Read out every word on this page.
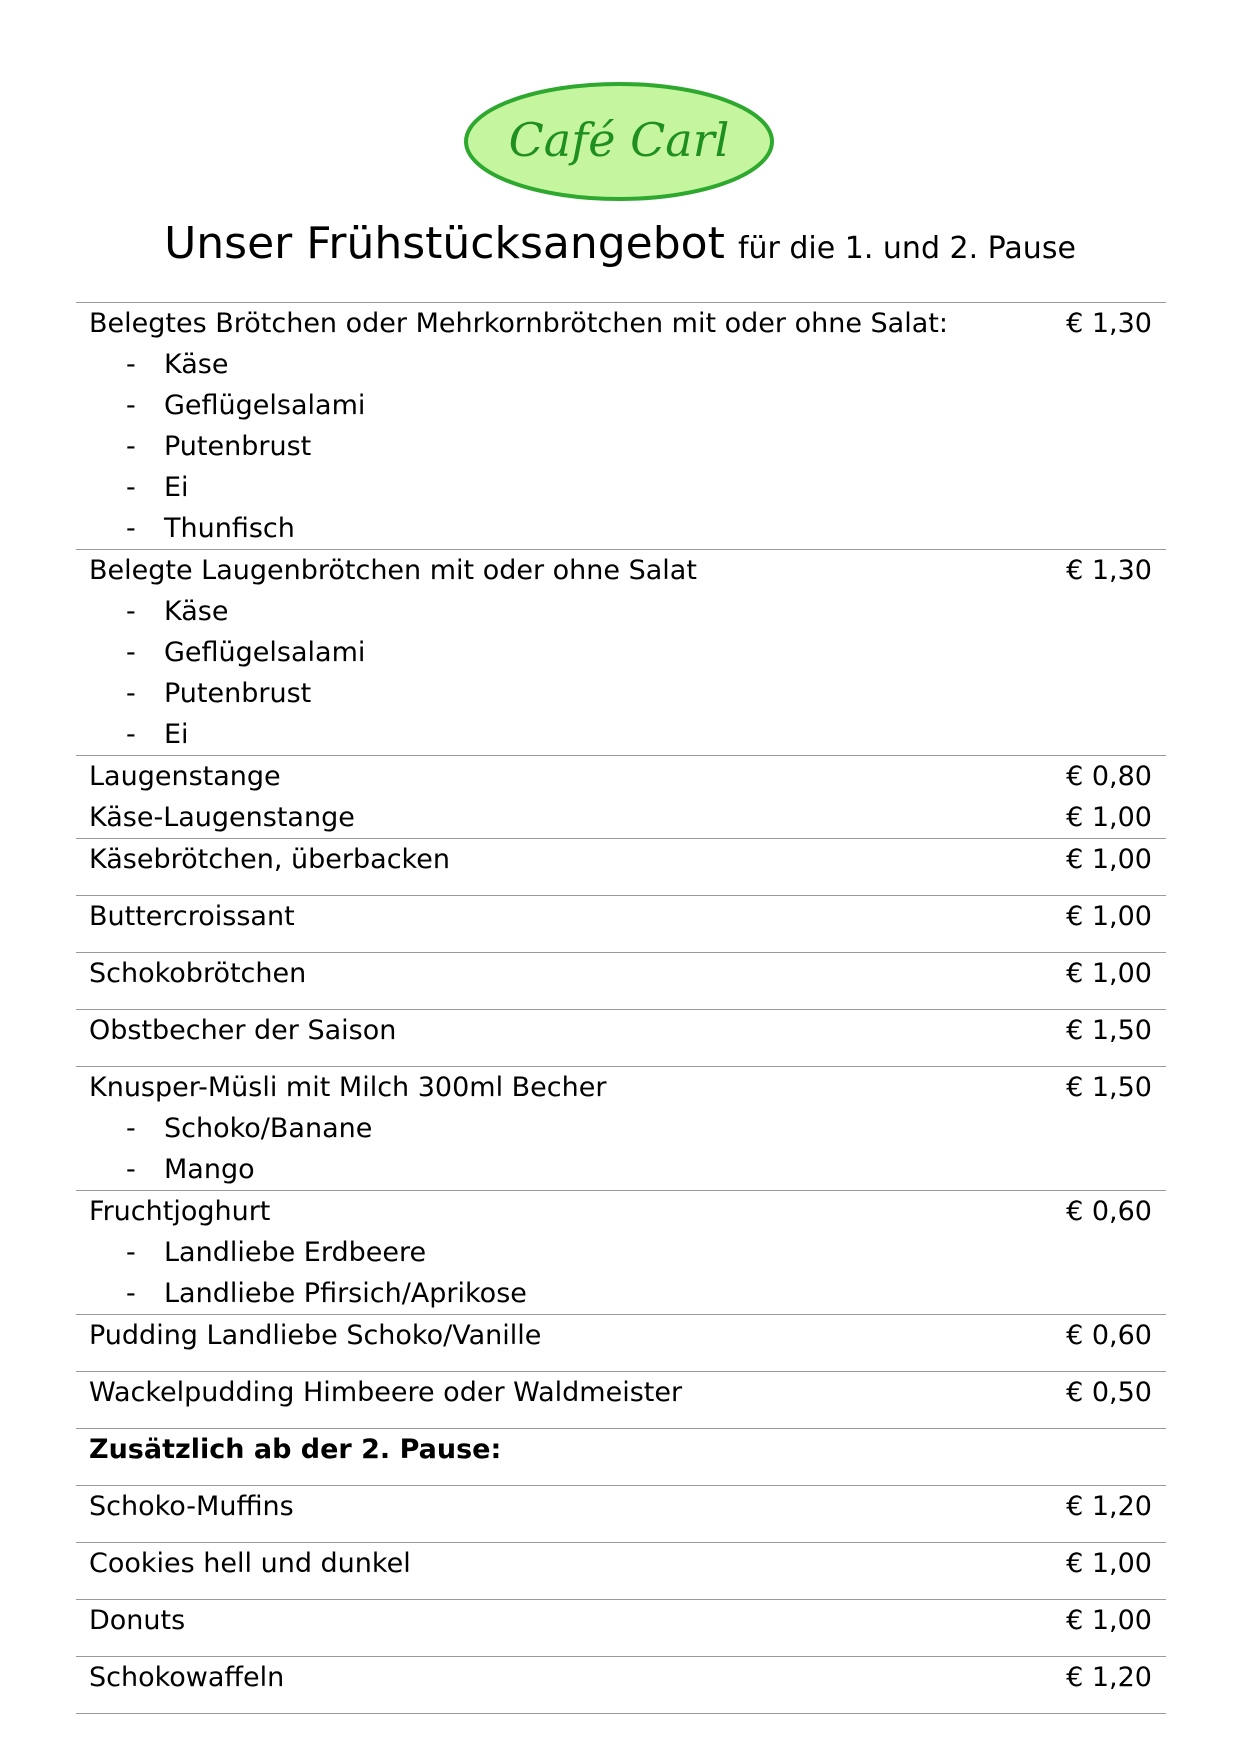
Café Carl
Unser Frühstücksangebot für die 1. und 2. Pause
Belegtes Brötchen oder Mehrkornbrötchen mit oder ohne Salat:	€ 1,30
-	Käse
-	Geflügelsalami
-	Putenbrust
-	Ei
-	Thunfisch
Belegte Laugenbrötchen mit oder ohne Salat	€ 1,30
-	Käse
-	Geflügelsalami
-	Putenbrust
-	Ei
Laugenstange	€ 0,80
Käse-Laugenstange	€ 1,00
Käsebrötchen, überbacken	€ 1,00
Buttercroissant	€ 1,00
Schokobrötchen	€ 1,00
Obstbecher der Saison	€ 1,50
Knusper-Müsli mit Milch 300ml Becher	€ 1,50
-	Schoko/Banane
-	Mango
Fruchtjoghurt	€ 0,60
-	Landliebe Erdbeere
-	Landliebe Pfirsich/Aprikose
Pudding Landliebe Schoko/Vanille	€ 0,60
Wackelpudding Himbeere oder Waldmeister	€ 0,50
Zusätzlich ab der 2. Pause:
Schoko-Muffins	€ 1,20
Cookies hell und dunkel	€ 1,00
Donuts	€ 1,00
Schokowaffeln	€ 1,20
